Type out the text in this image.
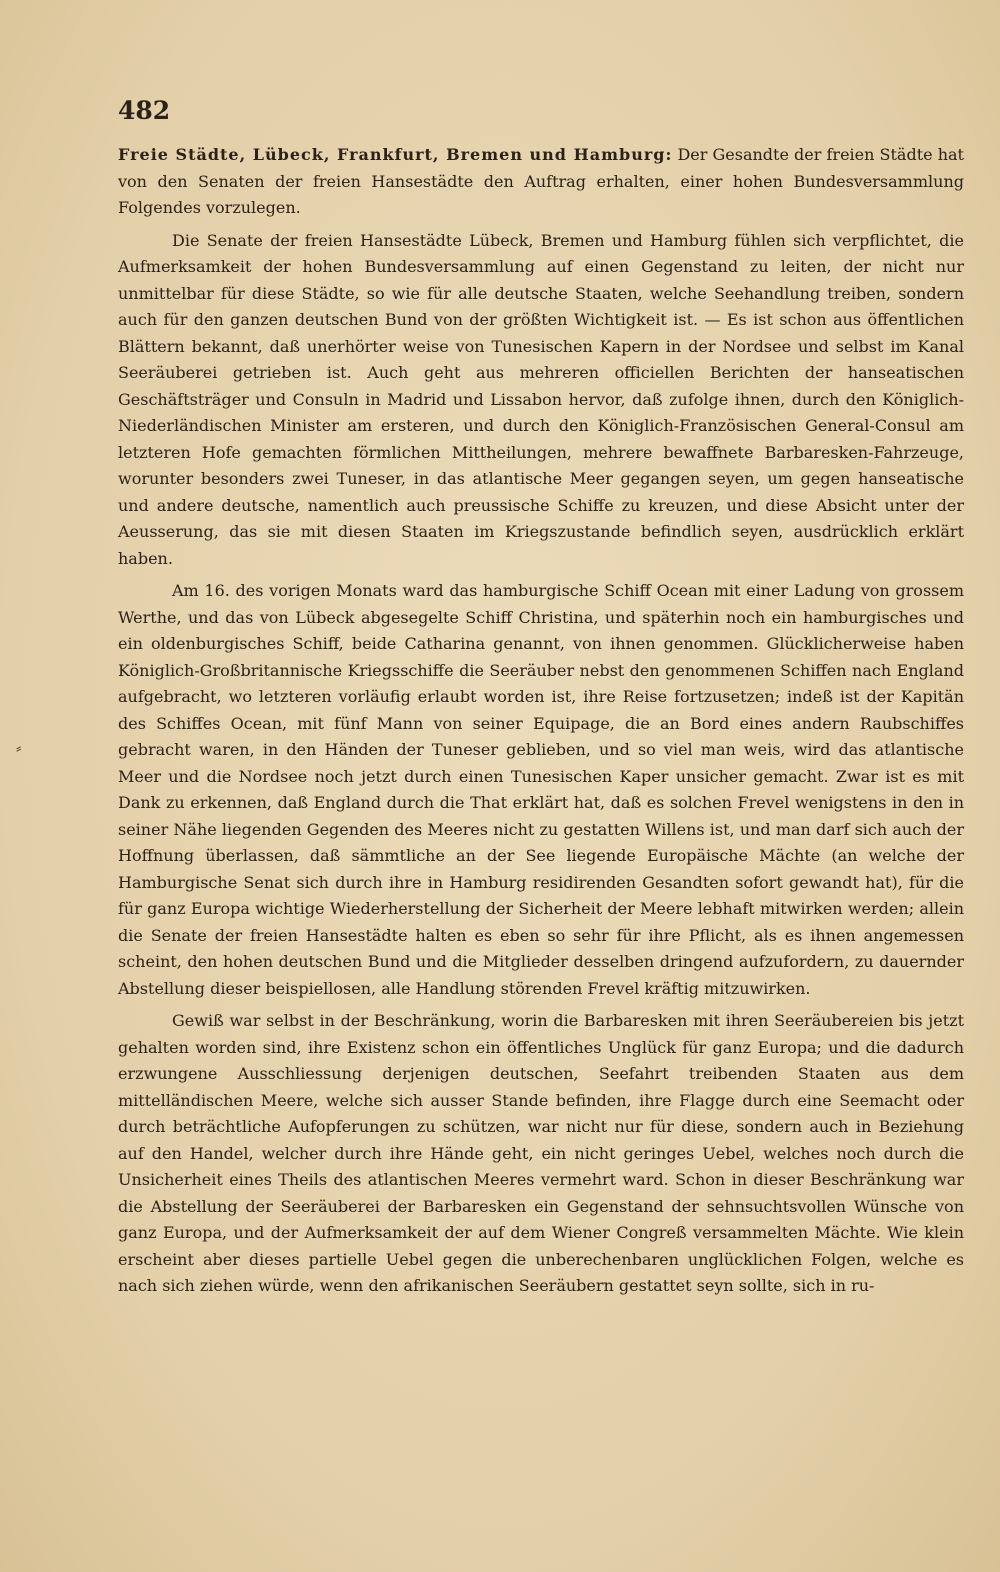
⸗
482

Freie Städte, Lübeck, Frankfurt, Bremen und Hamburg: Der Gesandte der freien Städte hat von den Senaten der freien Hansestädte den Auftrag erhalten, einer hohen Bundesversammlung Folgendes vorzulegen.

Die Senate der freien Hansestädte Lübeck, Bremen und Hamburg fühlen sich verpflichtet, die Aufmerksamkeit der hohen Bundesversammlung auf einen Gegenstand zu leiten, der nicht nur unmittelbar für diese Städte, so wie für alle deutsche Staaten, welche Seehandlung treiben, sondern auch für den ganzen deutschen Bund von der größten Wichtigkeit ist. — Es ist schon aus öffentlichen Blättern bekannt, daß unerhörter weise von Tunesischen Kapern in der Nordsee und selbst im Kanal Seeräuberei getrieben ist. Auch geht aus mehreren officiellen Berichten der hanseatischen Geschäftsträger und Consuln in Madrid und Lissabon hervor, daß zufolge ihnen, durch den Königlich-Niederländischen Minister am ersteren, und durch den Königlich-Französischen General-Consul am letzteren Hofe gemachten förmlichen Mittheilungen, mehrere bewaffnete Barbaresken-Fahrzeuge, worunter besonders zwei Tuneser, in das atlantische Meer gegangen seyen, um gegen hanseatische und andere deutsche, namentlich auch preussische Schiffe zu kreuzen, und diese Absicht unter der Aeusserung, das sie mit diesen Staaten im Kriegszustande befindlich seyen, ausdrücklich erklärt haben.

Am 16. des vorigen Monats ward das hamburgische Schiff Ocean mit einer Ladung von grossem Werthe, und das von Lübeck abgesegelte Schiff Christina, und späterhin noch ein hamburgisches und ein oldenburgisches Schiff, beide Catharina genannt, von ihnen genommen. Glücklicherweise haben Königlich-Großbritannische Kriegsschiffe die Seeräuber nebst den genommenen Schiffen nach England aufgebracht, wo letzteren vorläufig erlaubt worden ist, ihre Reise fortzusetzen; indeß ist der Kapitän des Schiffes Ocean, mit fünf Mann von seiner Equipage, die an Bord eines andern Raubschiffes gebracht waren, in den Händen der Tuneser geblieben, und so viel man weis, wird das atlantische Meer und die Nordsee noch jetzt durch einen Tunesischen Kaper unsicher gemacht. Zwar ist es mit Dank zu erkennen, daß England durch die That erklärt hat, daß es solchen Frevel wenigstens in den in seiner Nähe liegenden Gegenden des Meeres nicht zu gestatten Willens ist, und man darf sich auch der Hoffnung überlassen, daß sämmtliche an der See liegende Europäische Mächte (an welche der Hamburgische Senat sich durch ihre in Hamburg residirenden Gesandten sofort gewandt hat), für die für ganz Europa wichtige Wiederherstellung der Sicherheit der Meere lebhaft mitwirken werden; allein die Senate der freien Hansestädte halten es eben so sehr für ihre Pflicht, als es ihnen angemessen scheint, den hohen deutschen Bund und die Mitglieder desselben dringend aufzufordern, zu dauernder Abstellung dieser beispiellosen, alle Handlung störenden Frevel kräftig mitzuwirken.

Gewiß war selbst in der Beschränkung, worin die Barbaresken mit ihren Seeräubereien bis jetzt gehalten worden sind, ihre Existenz schon ein öffentliches Unglück für ganz Europa; und die dadurch erzwungene Ausschliessung derjenigen deutschen, Seefahrt treibenden Staaten aus dem mittelländischen Meere, welche sich ausser Stande befinden, ihre Flagge durch eine Seemacht oder durch beträchtliche Aufopferungen zu schützen, war nicht nur für diese, sondern auch in Beziehung auf den Handel, welcher durch ihre Hände geht, ein nicht geringes Uebel, welches noch durch die Unsicherheit eines Theils des atlantischen Meeres vermehrt ward. Schon in dieser Beschränkung war die Abstellung der Seeräuberei der Barbaresken ein Gegenstand der sehnsuchtsvollen Wünsche von ganz Europa, und der Aufmerksamkeit der auf dem Wiener Congreß versammelten Mächte. Wie klein erscheint aber dieses partielle Uebel gegen die unberechenbaren unglücklichen Folgen, welche es nach sich ziehen würde, wenn den afrikanischen Seeräubern gestattet seyn sollte, sich in ru-
